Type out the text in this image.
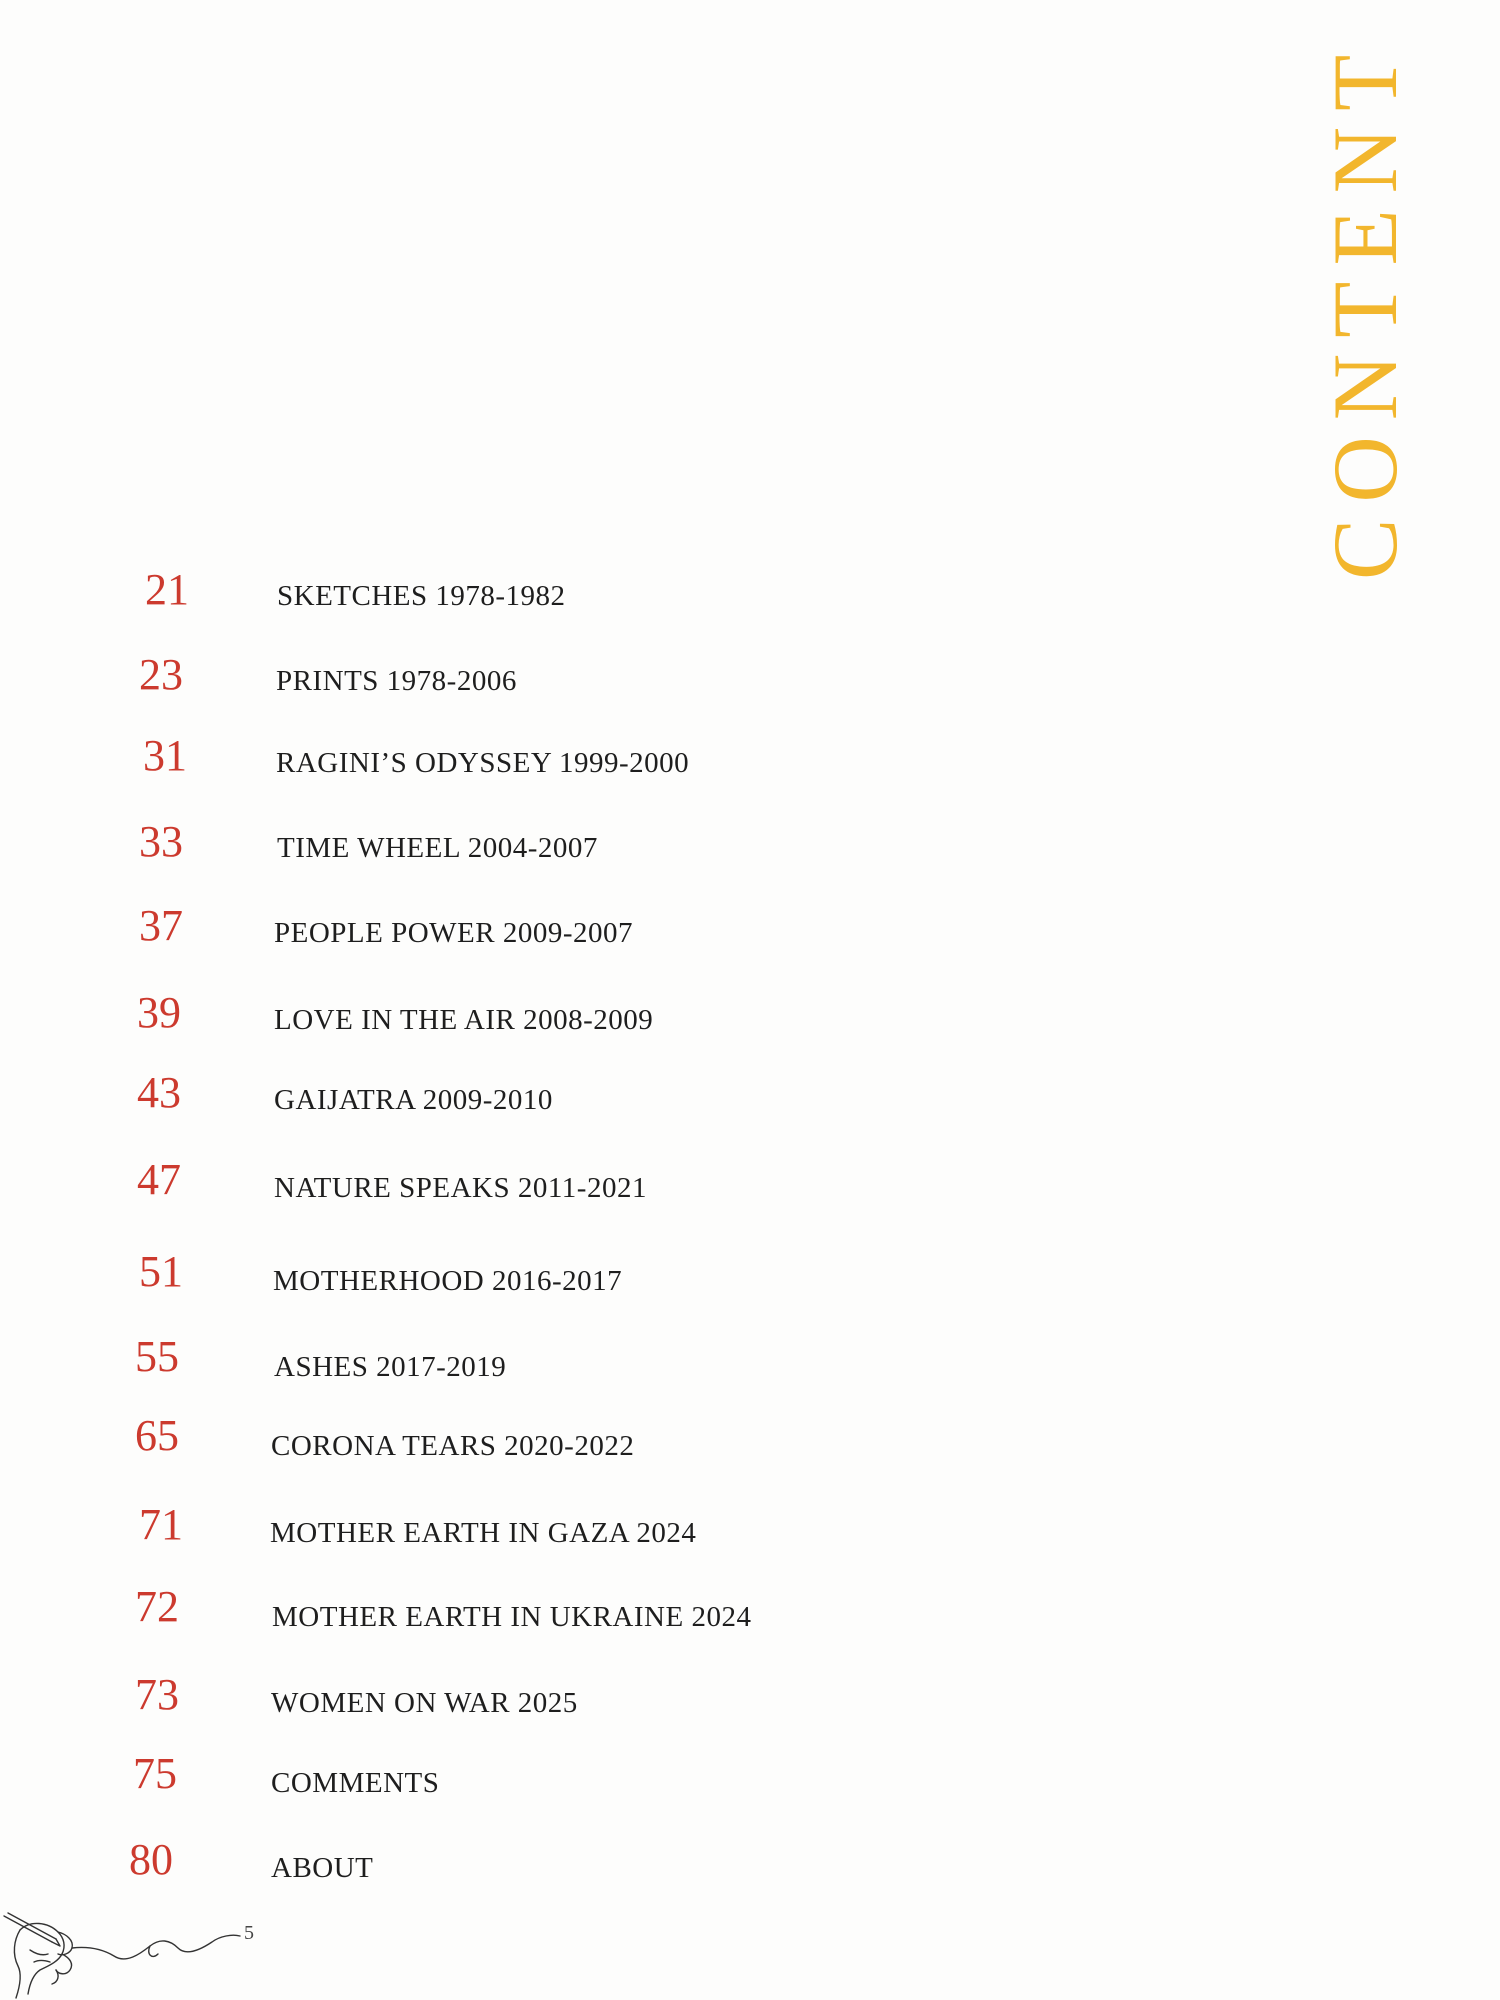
CONTENT
21	SKETCHES 1978-1982
23	PRINTS 1978-2006
31	RAGINI’S ODYSSEY 1999-2000
33	TIME WHEEL 2004-2007
37	PEOPLE POWER 2009-2007
39	LOVE IN THE AIR 2008-2009
43	GAIJATRA 2009-2010
47	NATURE SPEAKS 2011-2021
51	MOTHERHOOD 2016-2017
55	ASHES 2017-2019
65	CORONA TEARS 2020-2022
71	MOTHER EARTH IN GAZA 2024
72	MOTHER EARTH IN UKRAINE 2024
73	WOMEN ON WAR 2025
75	COMMENTS
80	ABOUT
5
